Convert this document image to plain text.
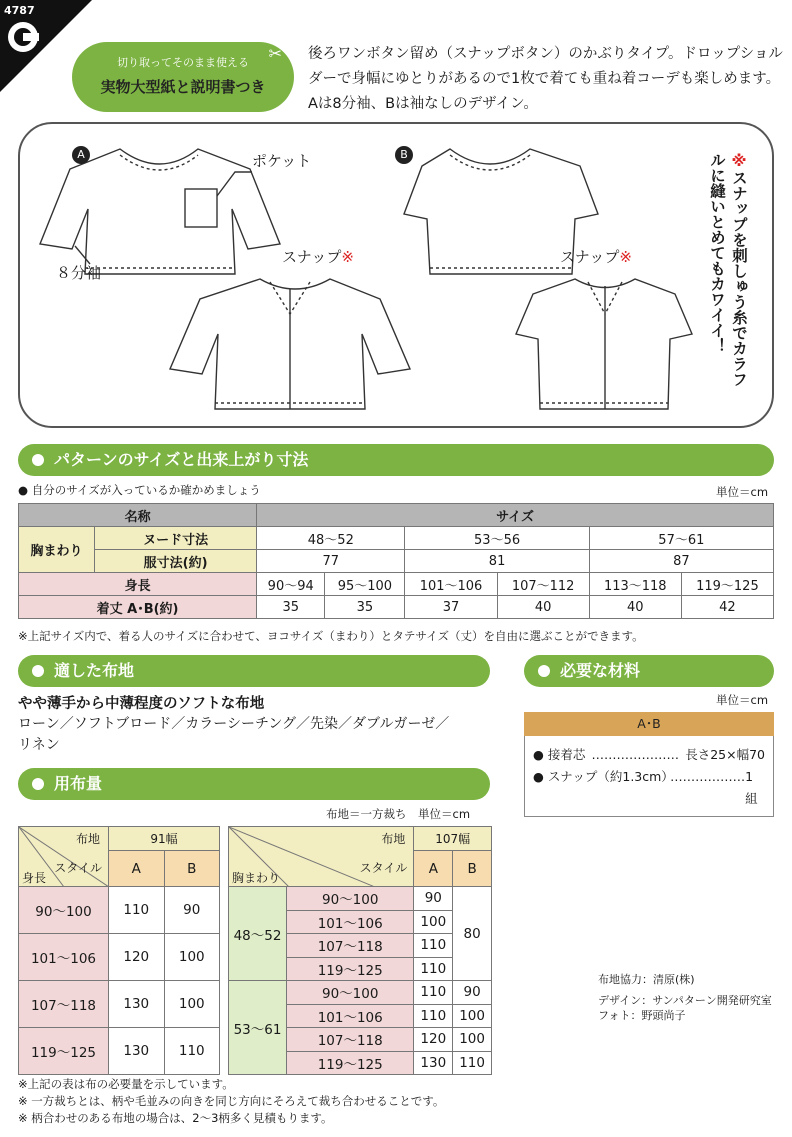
4787
切り取ってそのまま使える
実物大型紙と説明書つき
✂ 後ろワンボタン留め（スナップボタン）のかぶりタイプ。ドロップショルダーで身幅にゆとりがあるので1枚で着ても重ね着コーデも楽しめます。Aは8分袖、Bは袖なしのデザイン。
A	B
ポケット
８分袖
スナップ※	スナップ※
※スナップを刺しゅう糸でカラフルに縫いとめてもカワイイ！
パターンのサイズと出来上がり寸法
● 自分のサイズが入っているか確かめましょう	単位＝cm
名称		サイズ					
胸まわり	ヌード寸法	48〜52		53〜56		57〜61	
	服寸法(約)	77		81		87	
身長		90〜94	95〜100	101〜106	107〜112	113〜118	119〜125
着丈 A･B(約)		35	35	37	40	40	42
※上記サイズ内で、着る人のサイズに合わせて、ヨコサイズ（まわり）とタテサイズ（丈）を自由に選ぶことができます。
適した布地
やや薄手から中薄程度のソフトな布地
ローン／ソフトブロード／カラーシーチング／先染／ダブルガーゼ／
リネン
必要な材料
単位＝cm
A･B
● 接着芯 ………………… 長さ25×幅70
● スナップ（約1.3cm）
……………… 1組
用布量
布地＝一方裁ち　単位＝cm
布地
スタイル
身長	91幅	
	A	B
90〜100	110	90
101〜106	120	100
107〜118	130	100
119〜125	130	110
布地
スタイル
胸まわり		107幅	
		A	B
48〜52	90〜100	90	80
	101〜106	100	
	107〜118	110	
	119〜125	110	
53〜61	90〜100	110	90
	101〜106	110	100
	107〜118	120	100
	119〜125	130	110
布地協力：清原(株)
デザイン：サンパターン開発研究室
フォト：野頭尚子
※上記の表は布の必要量を示しています。
※ 一方裁ちとは、柄や毛並みの向きを同じ方向にそろえて裁ち合わせることです。
※ 柄合わせのある布地の場合は、2〜3柄多く見積もります。
